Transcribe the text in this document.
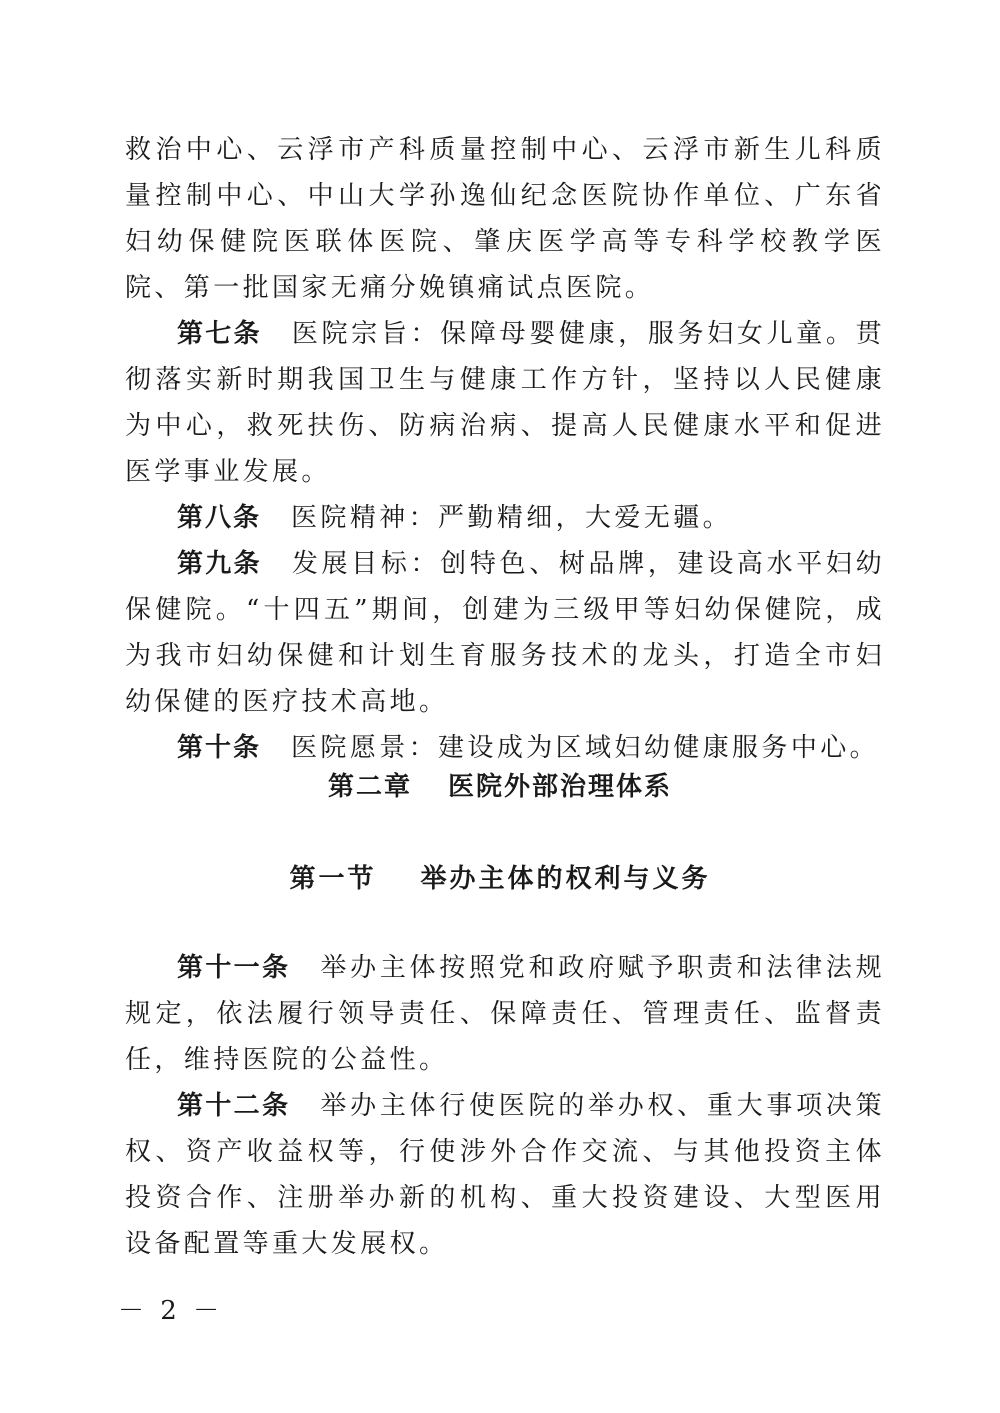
救治中心、云浮市产科质量控制中心、云浮市新生儿科质量控制中心、中山大学孙逸仙纪念医院协作单位、广东省妇幼保健院医联体医院、肇庆医学高等专科学校教学医院、第一批国家无痛分娩镇痛试点医院。

第七条 医院宗旨：保障母婴健康，服务妇女儿童。贯彻落实新时期我国卫生与健康工作方针，坚持以人民健康为中心，救死扶伤、防病治病、提高人民健康水平和促进医学事业发展。

第八条 医院精神：严勤精细，大爱无疆。

第九条 发展目标：创特色、树品牌，建设高水平妇幼保健院。“十四五”期间，创建为三级甲等妇幼保健院，成为我市妇幼保健和计划生育服务技术的龙头，打造全市妇幼保健的医疗技术高地。

第十条 医院愿景：建设成为区域妇幼健康服务中心。

第二章 医院外部治理体系
第一节 举办主体的权利与义务

第十一条 举办主体按照党和政府赋予职责和法律法规规定，依法履行领导责任、保障责任、管理责任、监督责任，维持医院的公益性。

第十二条 举办主体行使医院的举办权、重大事项决策权、资产收益权等，行使涉外合作交流、与其他投资主体投资合作、注册举办新的机构、重大投资建设、大型医用设备配置等重大发展权。

－ 2 －
